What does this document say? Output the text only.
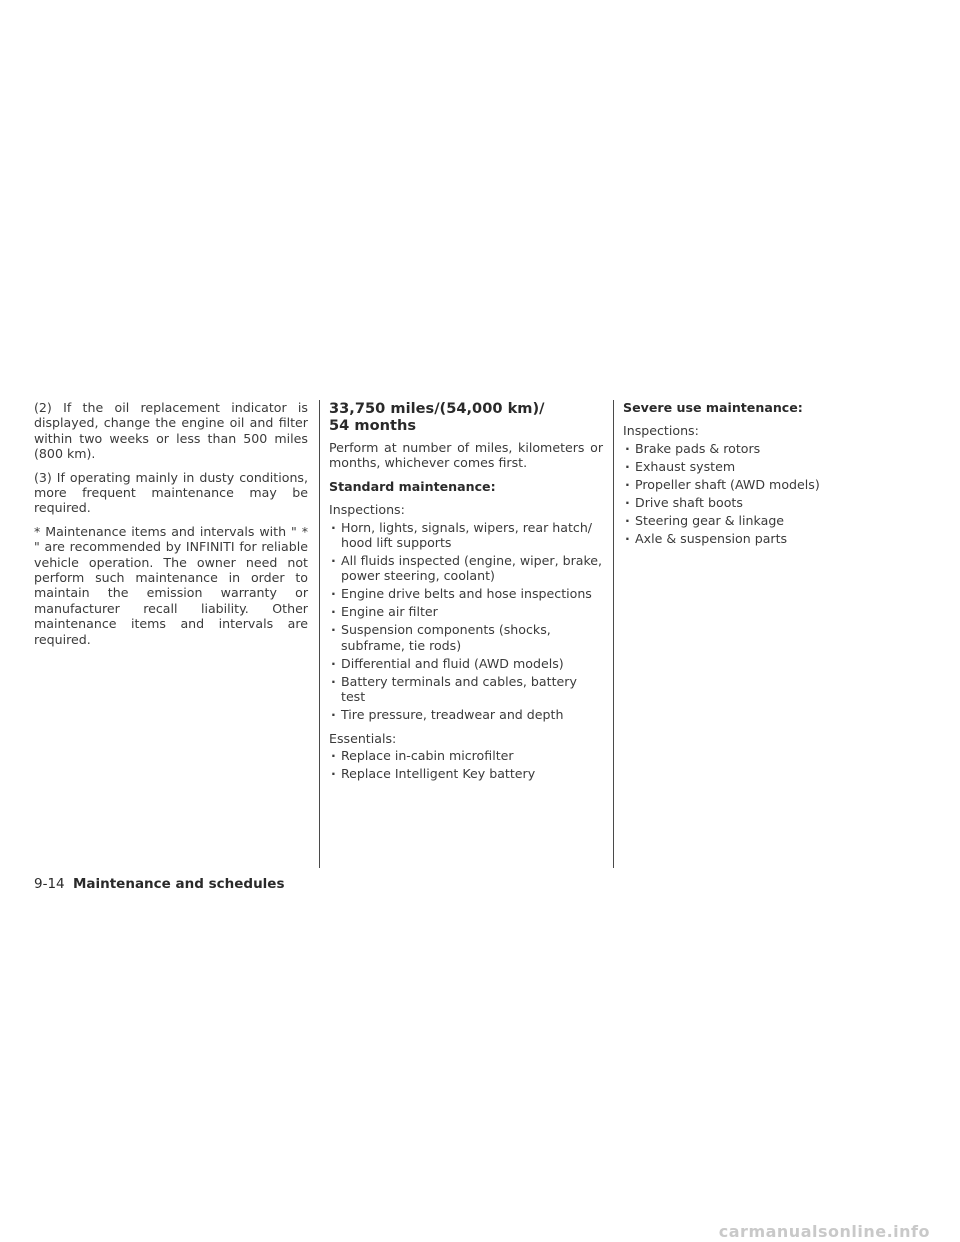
(2) If the oil replacement indicator is displayed, change the engine oil and filter within two weeks or less than 500 miles (800 km).

(3) If operating mainly in dusty conditions, more frequent maintenance may be required.

* Maintenance items and intervals with " * " are recommended by INFINITI for reliable vehicle operation. The owner need not perform such maintenance in order to maintain the emission warranty or manufacturer recall liability. Other maintenance items and intervals are required.

33,750 miles/(54,000 km)/
54 months

Perform at number of miles, kilometers or months, whichever comes first.

Standard maintenance:

Inspections:

· Horn, lights, signals, wipers, rear hatch/ hood lift supports
· All fluids inspected (engine, wiper, brake, power steering, coolant)
· Engine drive belts and hose inspections
· Engine air filter
· Suspension components (shocks, subframe, tie rods)
· Differential and fluid (AWD models)
· Battery terminals and cables, battery test
· Tire pressure, treadwear and depth

Essentials:

· Replace in-cabin microfilter
· Replace Intelligent Key battery

Severe use maintenance:

Inspections:

· Brake pads & rotors
· Exhaust system
· Propeller shaft (AWD models)
· Drive shaft boots
· Steering gear & linkage
· Axle & suspension parts
9-14 Maintenance and schedules
carmanualsonline.info
